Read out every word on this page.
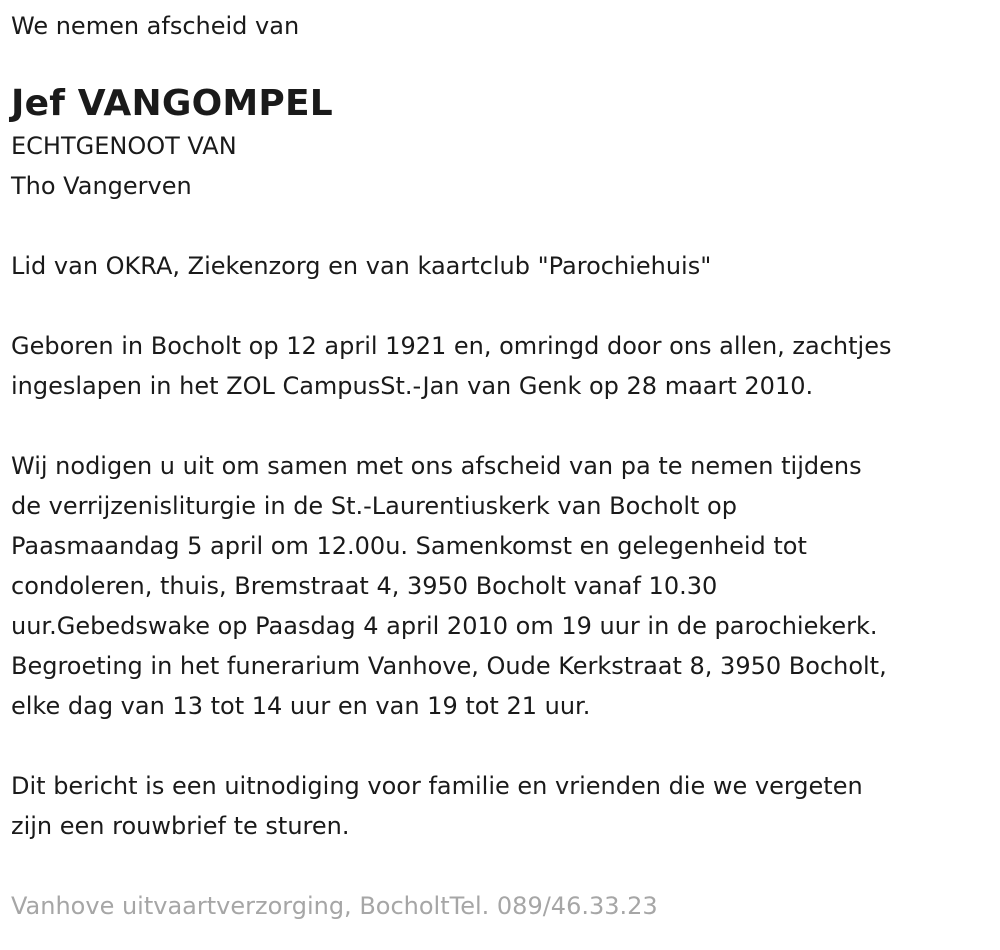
We nemen afscheid van

Jef VANGOMPEL

ECHTGENOOT VAN

Tho Vangerven

Lid van OKRA, Ziekenzorg en van kaartclub "Parochiehuis"

Geboren in Bocholt op 12 april 1921 en, omringd door ons allen, zachtjes

ingeslapen in het ZOL CampusSt.-Jan van Genk op 28 maart 2010.

Wij nodigen u uit om samen met ons afscheid van pa te nemen tijdens

de verrijzenisliturgie in de St.-Laurentiuskerk van Bocholt op

Paasmaandag 5 april om 12.00u. Samenkomst en gelegenheid tot

condoleren, thuis, Bremstraat 4, 3950 Bocholt vanaf 10.30

uur.Gebedswake op Paasdag 4 april 2010 om 19 uur in de parochiekerk.

Begroeting in het funerarium Vanhove, Oude Kerkstraat 8, 3950 Bocholt,

elke dag van 13 tot 14 uur en van 19 tot 21 uur.

Dit bericht is een uitnodiging voor familie en vrienden die we vergeten

zijn een rouwbrief te sturen.

Vanhove uitvaartverzorging, BocholtTel. 089/46.33.23
